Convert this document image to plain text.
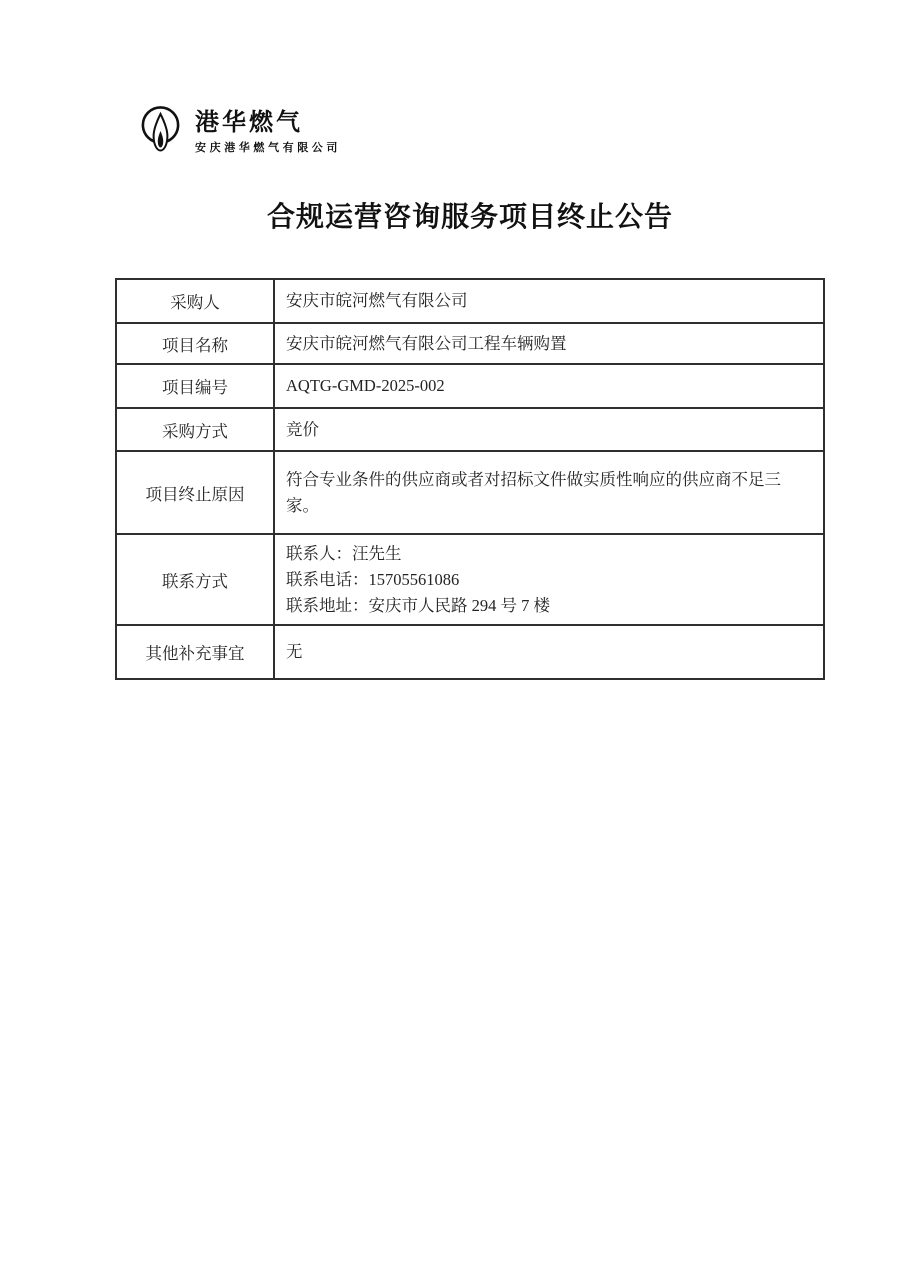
港华燃气
安庆港华燃气有限公司
合规运营咨询服务项目终止公告
采购人	安庆市皖河燃气有限公司
项目名称	安庆市皖河燃气有限公司工程车辆购置
项目编号	AQTG-GMD-2025-002
采购方式	竞价
项目终止原因	符合专业条件的供应商或者对招标文件做实质性响应的供应商不足三家。
联系方式	联系人：汪先生
联系电话：15705561086
联系地址：安庆市人民路 294 号 7 楼

其他补充事宜	无
